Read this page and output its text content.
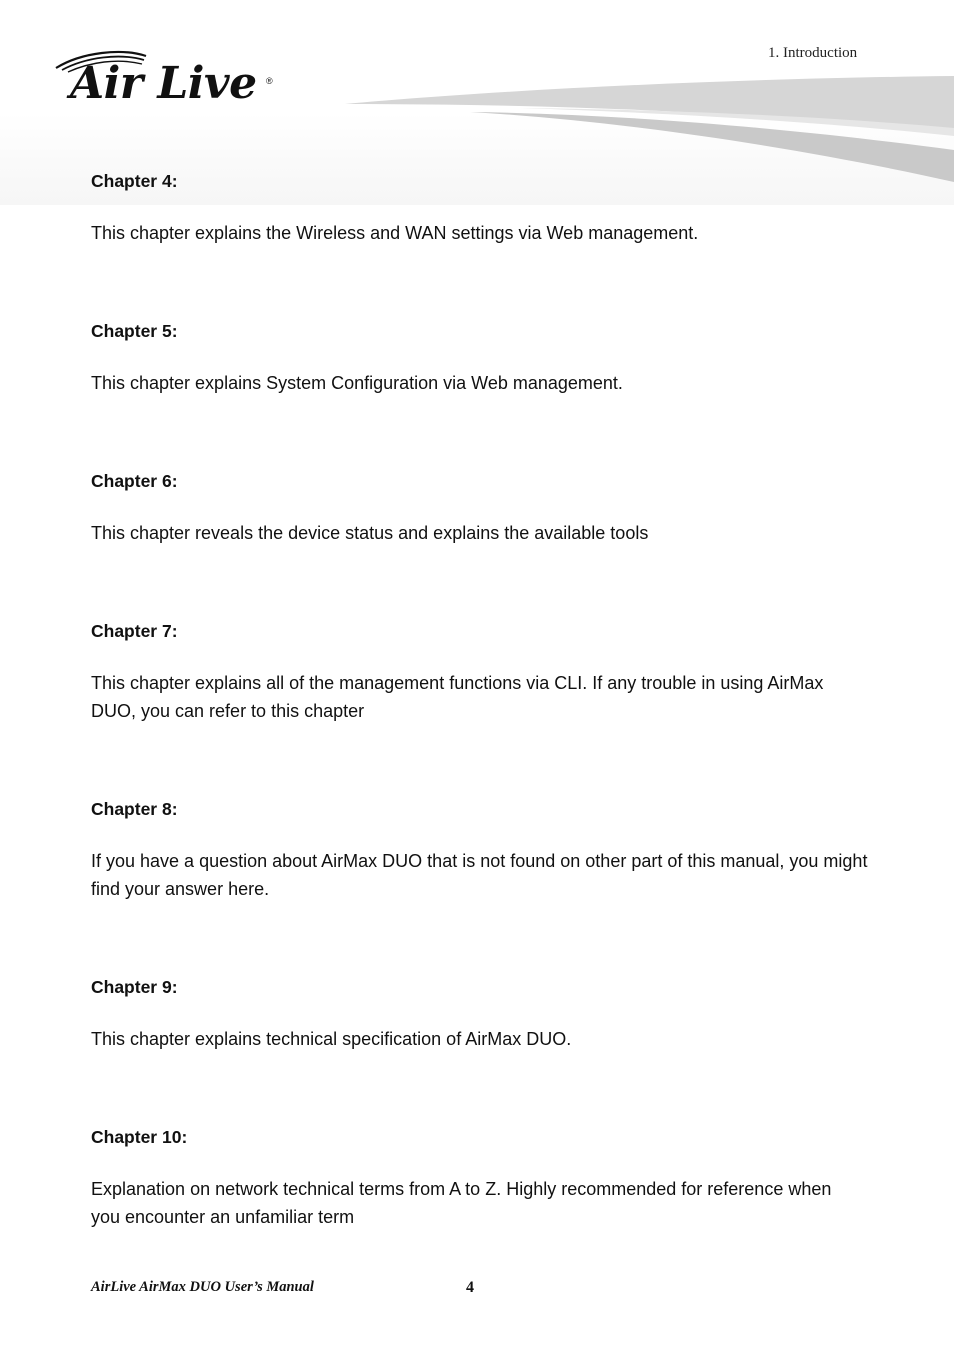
Air Live ®
1. Introduction

Chapter 4:

This chapter explains the Wireless and WAN settings via Web management.

Chapter 5:

This chapter explains System Configuration via Web management.

Chapter 6:

This chapter reveals the device status and explains the available tools

Chapter 7:

This chapter explains all of the management functions via CLI. If any trouble in using AirMax DUO, you can refer to this chapter

Chapter 8:

If you have a question about AirMax DUO that is not found on other part of this manual, you might find your answer here.

Chapter 9:

This chapter explains technical specification of AirMax DUO.

Chapter 10:

Explanation on network technical terms from A to Z. Highly recommended for reference when you encounter an unfamiliar term

AirLive AirMax DUO User’s Manual	4
